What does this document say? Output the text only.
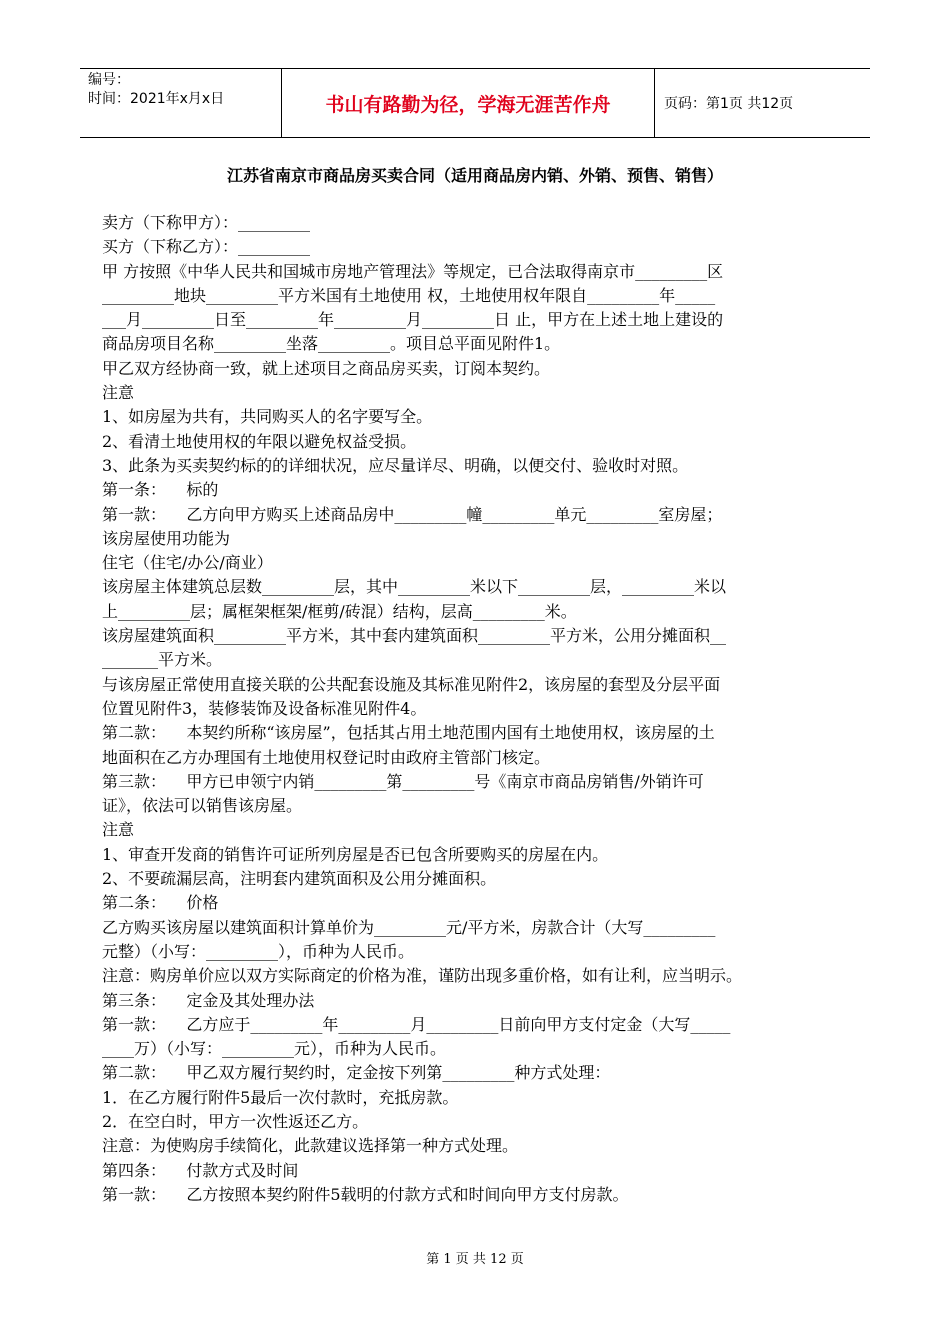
编号：
时间：2021年x月x日	书山有路勤为径，学海无涯苦作舟	页码：第1页 共12页
江苏省南京市商品房买卖合同（适用商品房内销、外销、预售、销售）
卖方（下称甲方）：_________
买方（下称乙方）：_________
甲 方按照《中华人民共和国城市房地产管理法》等规定，已合法取得南京市_________区
_________地块_________平方米国有土地使用 权，土地使用权年限自_________年_____
___月_________日至_________年_________月_________日 止，甲方在上述土地上建设的
商品房项目名称_________坐落_________。项目总平面见附件1。
甲乙双方经协商一致，就上述项目之商品房买卖，订阅本契约。
注意
1、如房屋为共有，共同购买人的名字要写全。
2、看清土地使用权的年限以避免权益受损。
3、此条为买卖契约标的的详细状况，应尽量详尽、明确，以便交付、验收时对照。
第一条：    标的
第一款：    乙方向甲方购买上述商品房中_________幢_________单元_________室房屋；
该房屋使用功能为
住宅（住宅/办公/商业）
该房屋主体建筑总层数_________层，其中_________米以下_________层，_________米以
上_________层；属框架框架/框剪/砖混）结构，层高_________米。
该房屋建筑面积_________平方米，其中套内建筑面积_________平方米，公用分摊面积__
_______平方米。
与该房屋正常使用直接关联的公共配套设施及其标准见附件2，该房屋的套型及分层平面
位置见附件3，装修装饰及设备标准见附件4。
第二款：    本契约所称“该房屋”，包括其占用土地范围内国有土地使用权，该房屋的土
地面积在乙方办理国有土地使用权登记时由政府主管部门核定。
第三款：    甲方已申领宁内销_________第_________号《南京市商品房销售/外销许可
证》，依法可以销售该房屋。
注意
1、审查开发商的销售许可证所列房屋是否已包含所要购买的房屋在内。
2、不要疏漏层高，注明套内建筑面积及公用分摊面积。
第二条：    价格
乙方购买该房屋以建筑面积计算单价为_________元/平方米，房款合计（大写_________
元整）（小写：_________），币种为人民币。
注意：购房单价应以双方实际商定的价格为准，谨防出现多重价格，如有让利，应当明示。
第三条：    定金及其处理办法
第一款：    乙方应于_________年_________月_________日前向甲方支付定金（大写_____
____万）（小写：_________元），币种为人民币。
第二款：    甲乙双方履行契约时，定金按下列第_________种方式处理：
1．在乙方履行附件5最后一次付款时，充抵房款。
2．在空白时，甲方一次性返还乙方。
注意：为使购房手续简化，此款建议选择第一种方式处理。
第四条：    付款方式及时间
第一款：    乙方按照本契约附件5载明的付款方式和时间向甲方支付房款。
第 1 页 共 12 页
